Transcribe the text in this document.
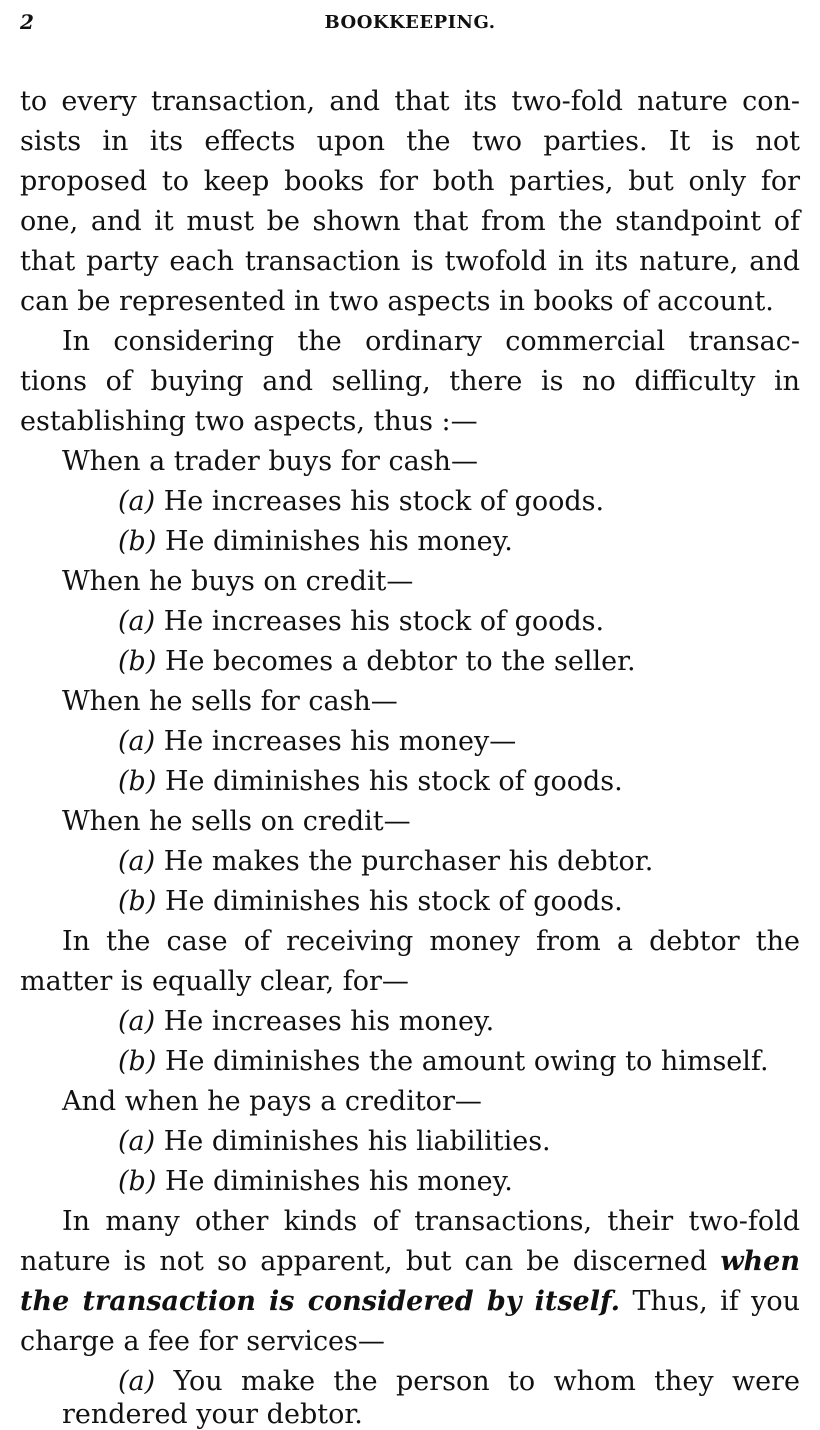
2	BOOKKEEPING.
to every transaction, and that its two-fold nature con-
sists in its effects upon the two parties. It is not
proposed to keep books for both parties, but only for
one, and it must be shown that from the standpoint of
that party each transaction is twofold in its nature, and
can be represented in two aspects in books of account.
In considering the ordinary commercial transac-
tions of buying and selling, there is no difficulty in
establishing two aspects, thus :—
When a trader buys for cash—
(a) He increases his stock of goods.
(b) He diminishes his money.
When he buys on credit—
(a) He increases his stock of goods.
(b) He becomes a debtor to the seller.
When he sells for cash—
(a) He increases his money—
(b) He diminishes his stock of goods.
When he sells on credit—
(a) He makes the purchaser his debtor.
(b) He diminishes his stock of goods.
In the case of receiving money from a debtor the
matter is equally clear, for—
(a) He increases his money.
(b) He diminishes the amount owing to himself.
And when he pays a creditor—
(a) He diminishes his liabilities.
(b) He diminishes his money.
In many other kinds of transactions, their two-fold
nature is not so apparent, but can be discerned when
the transaction is considered by itself. Thus, if you
charge a fee for services—
(a) You make the person to whom they were
rendered your debtor.
